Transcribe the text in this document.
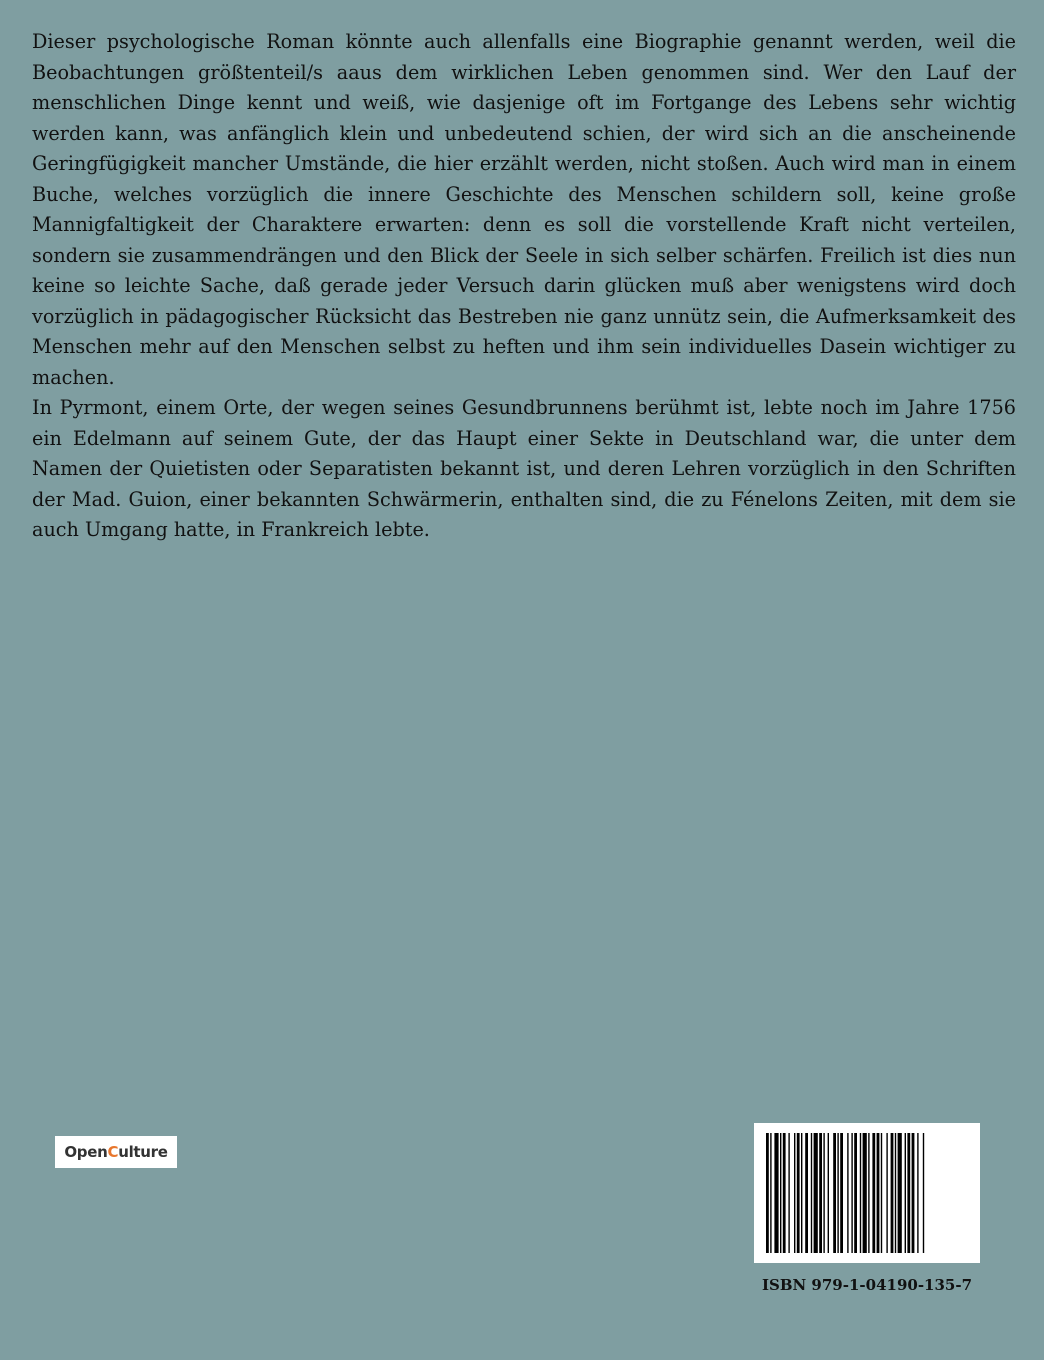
Dieser psychologische Roman könnte auch allenfalls eine Biographie genannt werden, weil die Beobachtungen größtenteil/s aaus dem wirklichen Leben genommen sind. Wer den Lauf der menschlichen Dinge kennt und weiß, wie dasjenige oft im Fortgange des Lebens sehr wichtig werden kann, was anfänglich klein und unbedeutend schien, der wird sich an die anscheinende Geringfügigkeit mancher Umstände, die hier erzählt werden, nicht stoßen. Auch wird man in einem Buche, welches vorzüglich die innere Geschichte des Menschen schildern soll, keine große Mannigfaltigkeit der Charaktere erwarten: denn es soll die vorstellende Kraft nicht verteilen, sondern sie zusammendrängen und den Blick der Seele in sich selber schärfen. Freilich ist dies nun keine so leichte Sache, daß gerade jeder Versuch darin glücken muß aber wenigstens wird doch vorzüglich in pädagogischer Rücksicht das Bestreben nie ganz unnütz sein, die Aufmerksamkeit des Menschen mehr auf den Menschen selbst zu heften und ihm sein individuelles Dasein wichtiger zu machen.

In Pyrmont, einem Orte, der wegen seines Gesundbrunnens berühmt ist, lebte noch im Jahre 1756 ein Edelmann auf seinem Gute, der das Haupt einer Sekte in Deutschland war, die unter dem Namen der Quietisten oder Separatisten bekannt ist, und deren Lehren vorzüglich in den Schriften der Mad. Guion, einer bekannten Schwärmerin, enthalten sind, die zu Fénelons Zeiten, mit dem sie auch Umgang hatte, in Frankreich lebte.

Open C ulture
ISBN 979-1-04190-135-7
